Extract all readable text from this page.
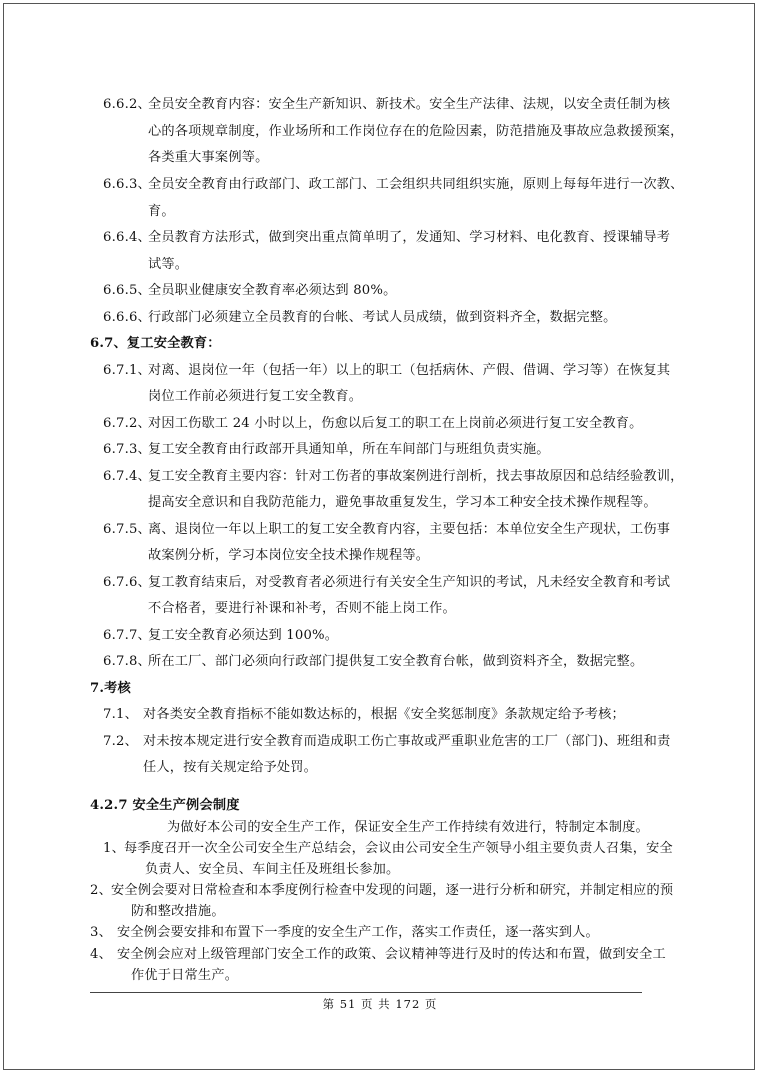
6.6.2、
全员安全教育内容：安全生产新知识、新技术。安全生产法律、法规，以安全责任制为核
心的各项规章制度，作业场所和工作岗位存在的危险因素，防范措施及事故应急救援预案，
各类重大事案例等。
6.6.3、
全员安全教育由行政部门、政工部门、工会组织共同组织实施，原则上每每年进行一次教、
育。
6.6.4、
全员教育方法形式，做到突出重点简单明了，发通知、学习材料、电化教育、授课辅导考
试等。
6.6.5、
全员职业健康安全教育率必须达到 80%。
6.6.6、
行政部门必须建立全员教育的台帐、考试人员成绩，做到资料齐全，数据完整。
6.7、复工安全教育：
6.7.1、
对离、退岗位一年（包括一年）以上的职工（包括病休、产假、借调、学习等）在恢复其
岗位工作前必须进行复工安全教育。
6.7.2、
对因工伤歇工 24 小时以上，伤愈以后复工的职工在上岗前必须进行复工安全教育。
6.7.3、
复工安全教育由行政部开具通知单，所在车间部门与班组负责实施。
6.7.4、
复工安全教育主要内容：针对工伤者的事故案例进行剖析，找去事故原因和总结经验教训，
提高安全意识和自我防范能力，避免事故重复发生，学习本工种安全技术操作规程等。
6.7.5、
离、退岗位一年以上职工的复工安全教育内容，主要包括：本单位安全生产现状，工伤事
故案例分析，学习本岗位安全技术操作规程等。
6.7.6、
复工教育结束后，对受教育者必须进行有关安全生产知识的考试，凡未经安全教育和考试
不合格者，要进行补课和补考，否则不能上岗工作。
6.7.7、
复工安全教育必须达到 100%。
6.7.8、
所在工厂、部门必须向行政部门提供复工安全教育台帐，做到资料齐全，数据完整。
7.考核
7.1、 对各类安全教育指标不能如数达标的，根据《安全奖惩制度》条款规定给予考核；
7.2、 对未按本规定进行安全教育而造成职工伤亡事故或严重职业危害的工厂（部门)、班组和责
任人，按有关规定给予处罚。
4.2.7 安全生产例会制度
为做好本公司的安全生产工作，保证安全生产工作持续有效进行，特制定本制度。
1、 每季度召开一次全公司安全生产总结会，会议由公司安全生产领导小组主要负责人召集，安全
负责人、安全员、车间主任及班组长参加。
2、 安全例会要对日常检查和本季度例行检查中发现的问题，逐一进行分析和研究，并制定相应的预
防和整改措施。
3、 安全例会要安排和布置下一季度的安全生产工作，落实工作责任，逐一落实到人。
4、 安全例会应对上级管理部门安全工作的政策、会议精神等进行及时的传达和布置，做到安全工
作优于日常生产。
第 51 页 共 172 页
